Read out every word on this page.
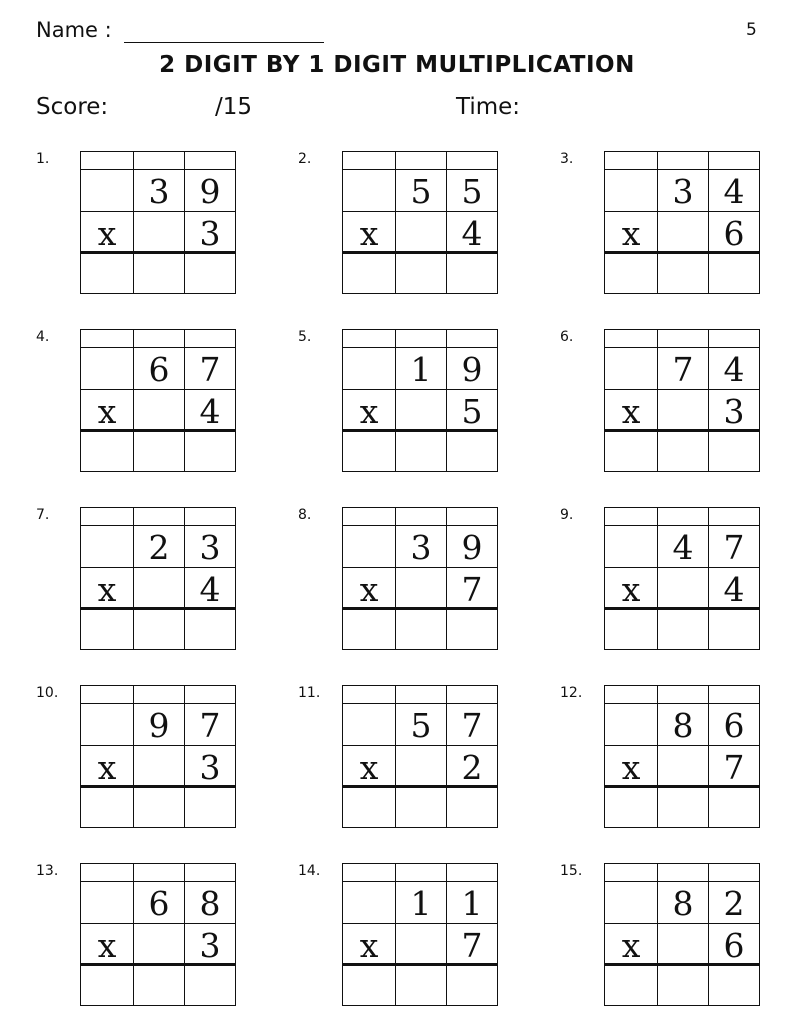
Name :	5
2 DIGIT BY 1 DIGIT MULTIPLICATION
Score:	/15	Time:
1.
3 9
x	3
2.
5 5
x	4
3.
3 4
x	6
4.
6 7
x	4
5.
1 9
x	5
6.
7 4
x	3
7.
2 3
x	4
8.
3 9
x	7
9.
4 7
x	4
10.
9 7
x	3
11.
5 7
x	2
12.
8 6
x	7
13.
6 8
x	3
14.
1 1
x	7
15.
8 2
x	6
